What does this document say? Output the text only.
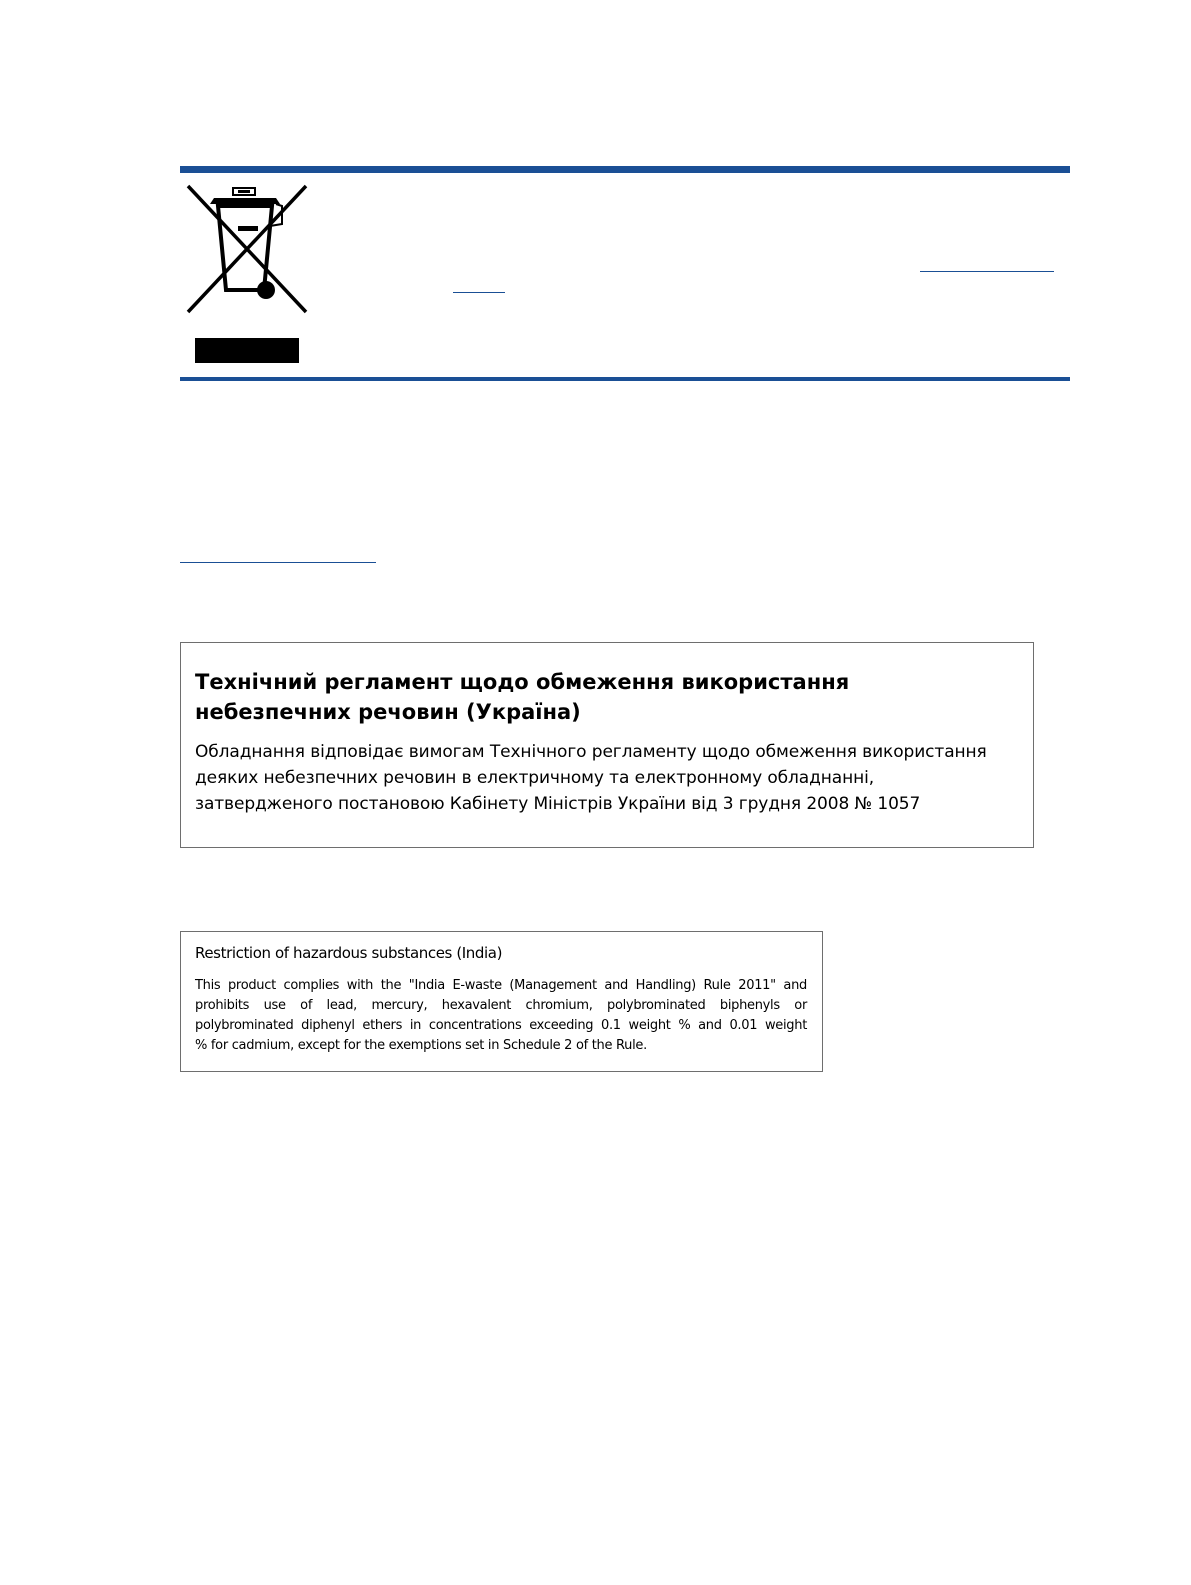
Технічний регламент щодо обмеження використання
небезпечних речовин (Україна)
Обладнання відповідає вимогам Технічного регламенту щодо обмеження використання
деяких небезпечних речовин в електричному та електронному обладнанні,
затвердженого постановою Кабінету Міністрів України від 3 грудня 2008 № 1057
Restriction of hazardous substances (India)
This product complies with the "India E-waste (Management and Handling) Rule 2011" and
prohibits use of lead, mercury, hexavalent chromium, polybrominated biphenyls or
polybrominated diphenyl ethers in concentrations exceeding 0.1 weight % and 0.01 weight
% for cadmium, except for the exemptions set in Schedule 2 of the Rule.
